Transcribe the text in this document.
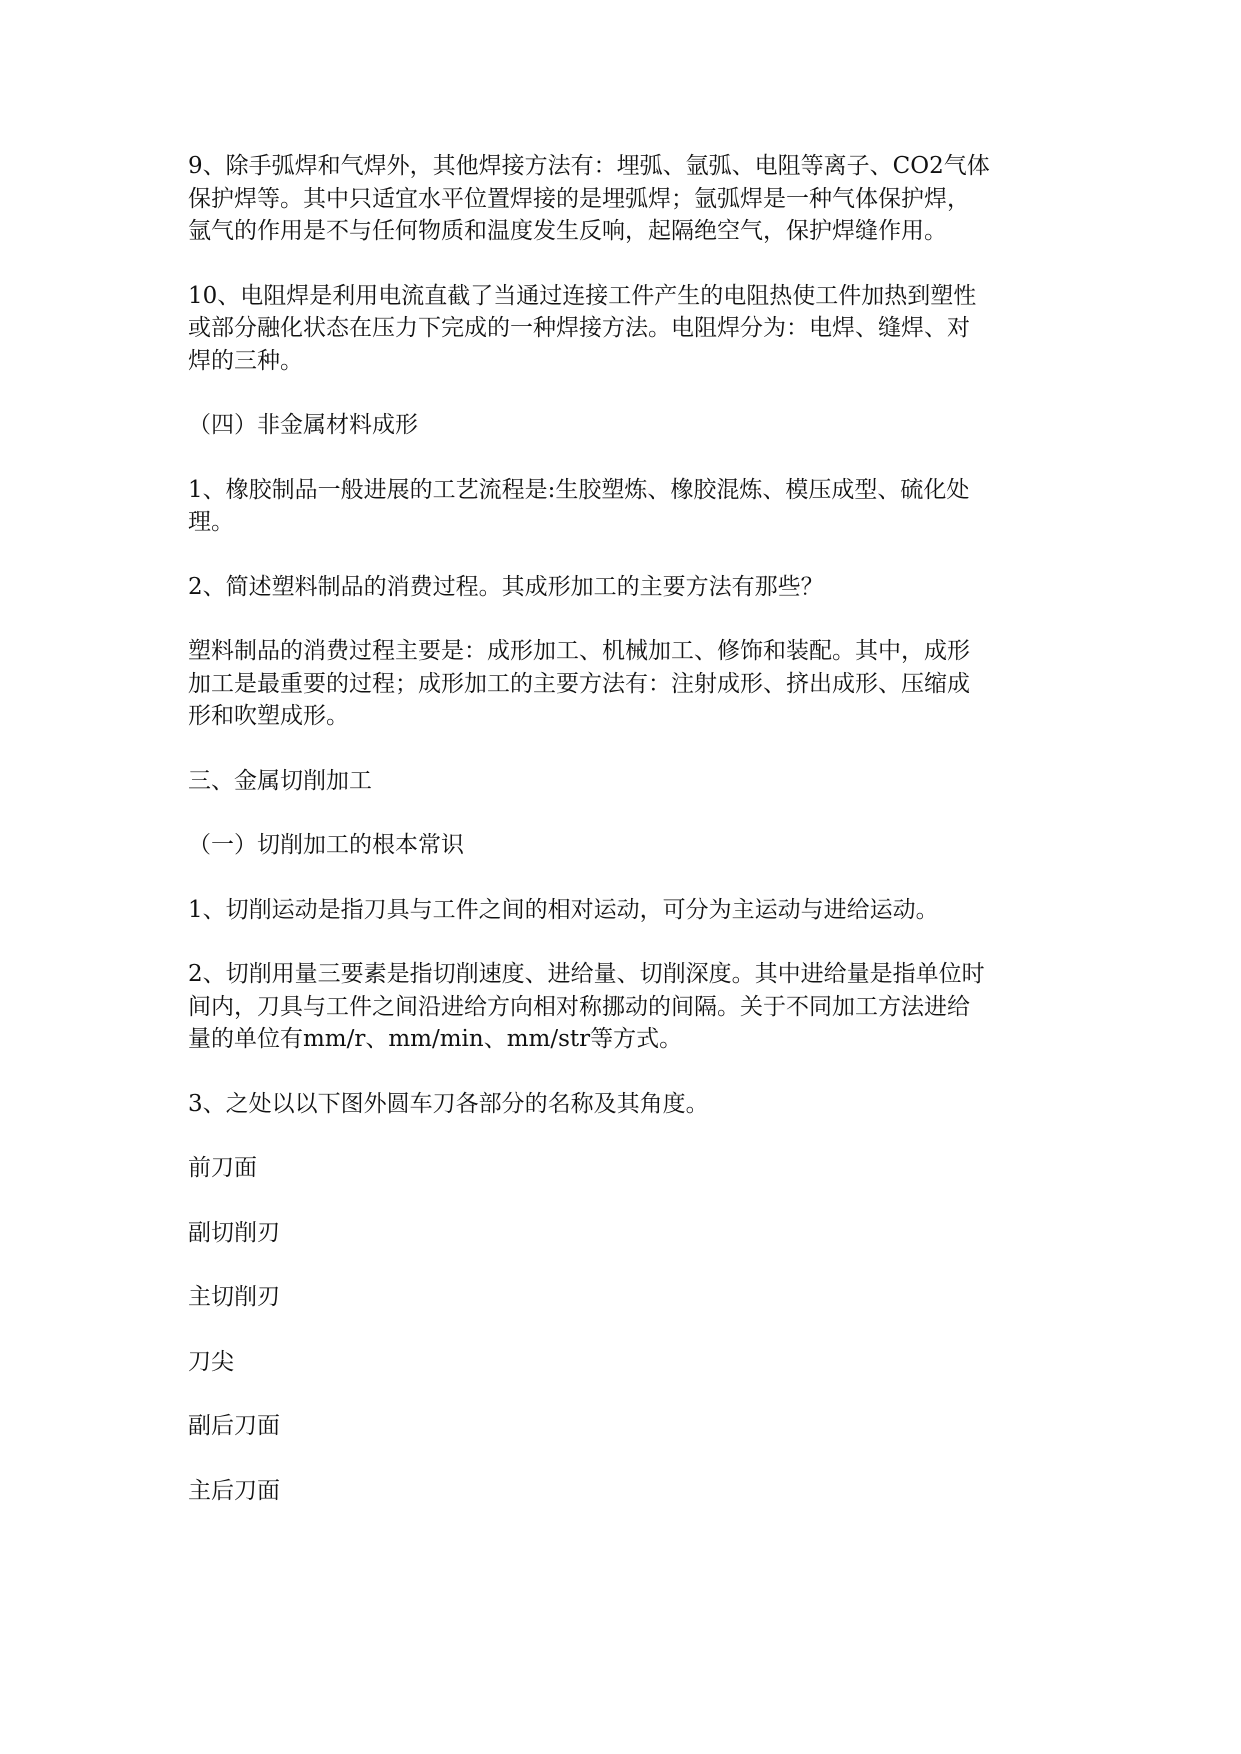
9、除手弧焊和气焊外，其他焊接方法有：埋弧、氩弧、电阻等离子、CO2气体
保护焊等。其中只适宜水平位置焊接的是埋弧焊；氩弧焊是一种气体保护焊，
氩气的作用是不与任何物质和温度发生反响，起隔绝空气，保护焊缝作用。

10、电阻焊是利用电流直截了当通过连接工件产生的电阻热使工件加热到塑性
或部分融化状态在压力下完成的一种焊接方法。电阻焊分为：电焊、缝焊、对
焊的三种。

（四）非金属材料成形

1、橡胶制品一般进展的工艺流程是:生胶塑炼、橡胶混炼、模压成型、硫化处
理。

2、简述塑料制品的消费过程。其成形加工的主要方法有那些？

塑料制品的消费过程主要是：成形加工、机械加工、修饰和装配。其中，成形
加工是最重要的过程；成形加工的主要方法有：注射成形、挤出成形、压缩成
形和吹塑成形。

三、金属切削加工

（一）切削加工的根本常识

1、切削运动是指刀具与工件之间的相对运动，可分为主运动与进给运动。

2、切削用量三要素是指切削速度、进给量、切削深度。其中进给量是指单位时
间内，刀具与工件之间沿进给方向相对称挪动的间隔。关于不同加工方法进给
量的单位有mm/r、mm/min、mm/str等方式。

3、之处以以下图外圆车刀各部分的名称及其角度。

前刀面

副切削刃

主切削刃

刀尖

副后刀面

主后刀面
